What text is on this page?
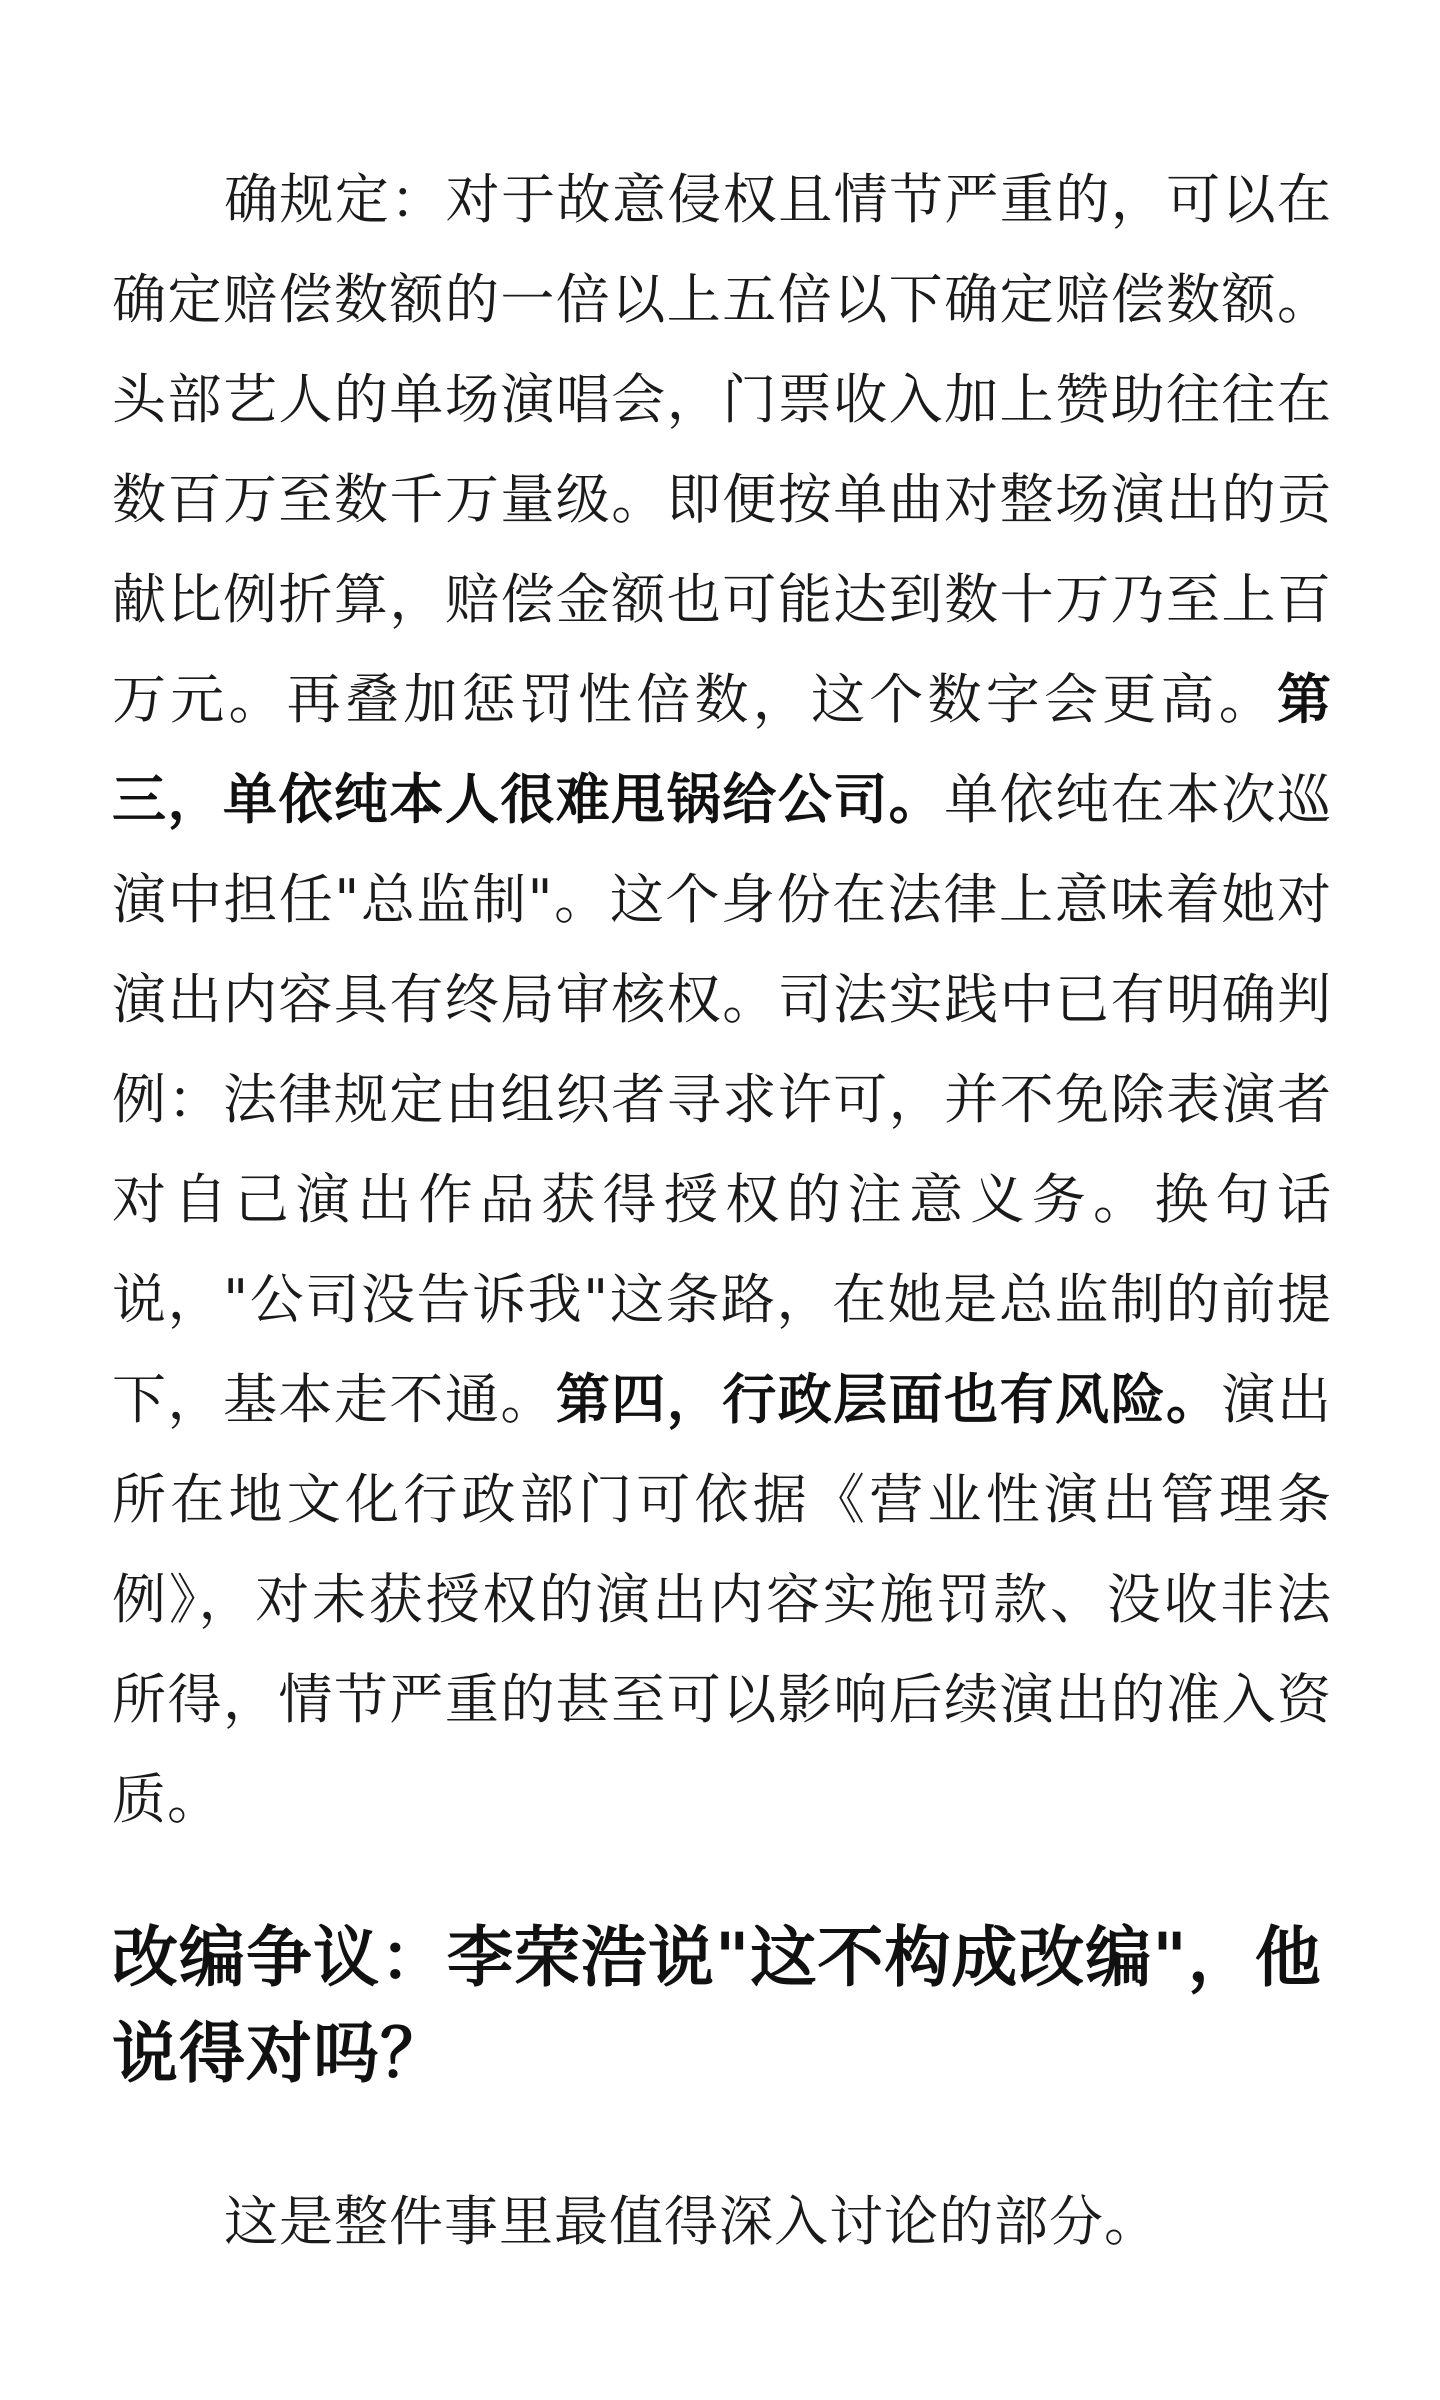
确规定：对于故意侵权且情节严重的，可以在确定赔偿数额的一倍以上五倍以下确定赔偿数额。头部艺人的单场演唱会，门票收入加上赞助往往在数百万至数千万量级。即便按单曲对整场演出的贡献比例折算，赔偿金额也可能达到数十万乃至上百万元。再叠加惩罚性倍数，这个数字会更高。第三，单依纯本人很难甩锅给公司。单依纯在本次巡演中担任"总监制"。这个身份在法律上意味着她对演出内容具有终局审核权。司法实践中已有明确判例：法律规定由组织者寻求许可，并不免除表演者对自己演出作品获得授权的注意义务。换句话说，"公司没告诉我"这条路，在她是总监制的前提下，基本走不通。第四，行政层面也有风险。演出所在地文化行政部门可依据《营业性演出管理条例》，对未获授权的演出内容实施罚款、没收非法所得，情节严重的甚至可以影响后续演出的准入资质。

改编争议：李荣浩说"这不构成改编"，他说得对吗？

这是整件事里最值得深入讨论的部分。
